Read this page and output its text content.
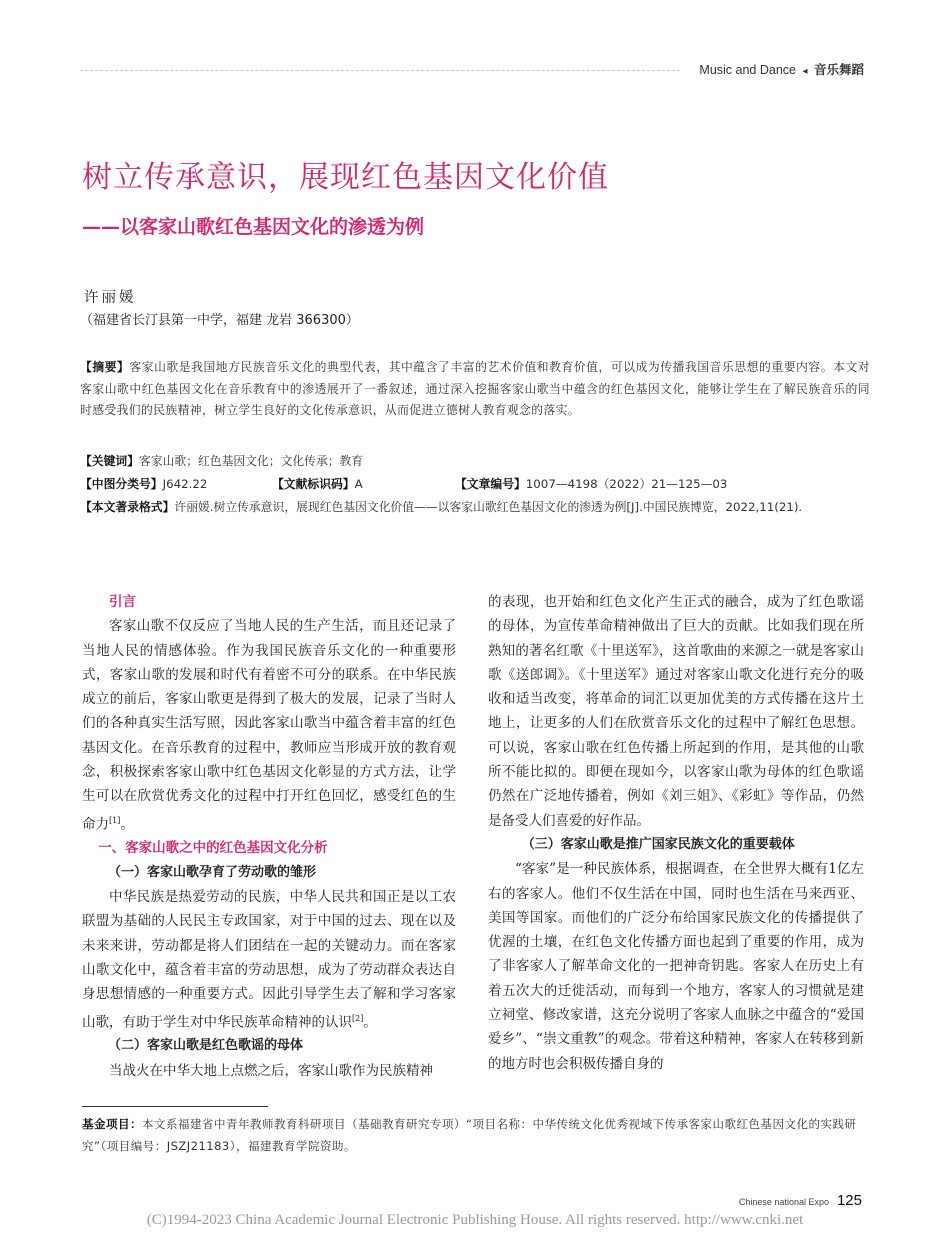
Music and Dance ◂ 音乐舞蹈
树立传承意识，展现红色基因文化价值
——以客家山歌红色基因文化的渗透为例
许丽媛
（福建省长汀县第一中学，福建 龙岩 366300）
【摘要】客家山歌是我国地方民族音乐文化的典型代表，其中蕴含了丰富的艺术价值和教育价值，可以成为传播我国音乐思想的重要内容。本文对客家山歌中红色基因文化在音乐教育中的渗透展开了一番叙述，通过深入挖掘客家山歌当中蕴含的红色基因文化，能够让学生在了解民族音乐的同时感受我们的民族精神，树立学生良好的文化传承意识，从而促进立德树人教育观念的落实。
【关键词】客家山歌；红色基因文化；文化传承；教育
【中图分类号】J642.22	【文献标识码】A	【文章编号】1007—4198（2022）21—125—03
【本文著录格式】许丽媛.树立传承意识，展现红色基因文化价值——以客家山歌红色基因文化的渗透为例[J].中国民族博览，2022,11(21).
引言

客家山歌不仅反应了当地人民的生产生活，而且还记录了当地人民的情感体验。作为我国民族音乐文化的一种重要形式，客家山歌的发展和时代有着密不可分的联系。在中华民族成立的前后，客家山歌更是得到了极大的发展，记录了当时人们的各种真实生活写照，因此客家山歌当中蕴含着丰富的红色基因文化。在音乐教育的过程中，教师应当形成开放的教育观念，积极探索客家山歌中红色基因文化彰显的方式方法，让学生可以在欣赏优秀文化的过程中打开红色回忆，感受红色的生命力[1]。

一、客家山歌之中的红色基因文化分析
（一）客家山歌孕育了劳动歌的雏形

中华民族是热爱劳动的民族，中华人民共和国正是以工农联盟为基础的人民民主专政国家，对于中国的过去、现在以及未来来讲，劳动都是将人们团结在一起的关键动力。而在客家山歌文化中，蕴含着丰富的劳动思想，成为了劳动群众表达自身思想情感的一种重要方式。因此引导学生去了解和学习客家山歌，有助于学生对中华民族革命精神的认识[2]。

（二）客家山歌是红色歌谣的母体

当战火在中华大地上点燃之后，客家山歌作为民族精神

的表现，也开始和红色文化产生正式的融合，成为了红色歌谣的母体，为宣传革命精神做出了巨大的贡献。比如我们现在所熟知的著名红歌《十里送军》，这首歌曲的来源之一就是客家山歌《送郎调》。《十里送军》通过对客家山歌文化进行充分的吸收和适当改变，将革命的词汇以更加优美的方式传播在这片土地上，让更多的人们在欣赏音乐文化的过程中了解红色思想。可以说，客家山歌在红色传播上所起到的作用，是其他的山歌所不能比拟的。即便在现如今，以客家山歌为母体的红色歌谣仍然在广泛地传播着，例如《刘三姐》、《彩虹》等作品，仍然是备受人们喜爱的好作品。

（三）客家山歌是推广国家民族文化的重要载体

“客家”是一种民族体系，根据调查，在全世界大概有1亿左右的客家人。他们不仅生活在中国，同时也生活在马来西亚、美国等国家。而他们的广泛分布给国家民族文化的传播提供了优渥的土壤，在红色文化传播方面也起到了重要的作用，成为了非客家人了解革命文化的一把神奇钥匙。客家人在历史上有着五次大的迁徙活动，而每到一个地方，客家人的习惯就是建立祠堂、修改家谱，这充分说明了客家人血脉之中蕴含的“爱国爱乡”、“崇文重教”的观念。带着这种精神，客家人在转移到新的地方时也会积极传播自身的

基金项目：本文系福建省中青年教师教育科研项目（基础教育研究专项）“项目名称：中华传统文化优秀视域下传承客家山歌红色基因文化的实践研究”（项目编号：JSZJ21183），福建教育学院资助。
Chinese national Expo 125
(C)1994-2023 China Academic Journal Electronic Publishing House. All rights reserved. http://www.cnki.net
